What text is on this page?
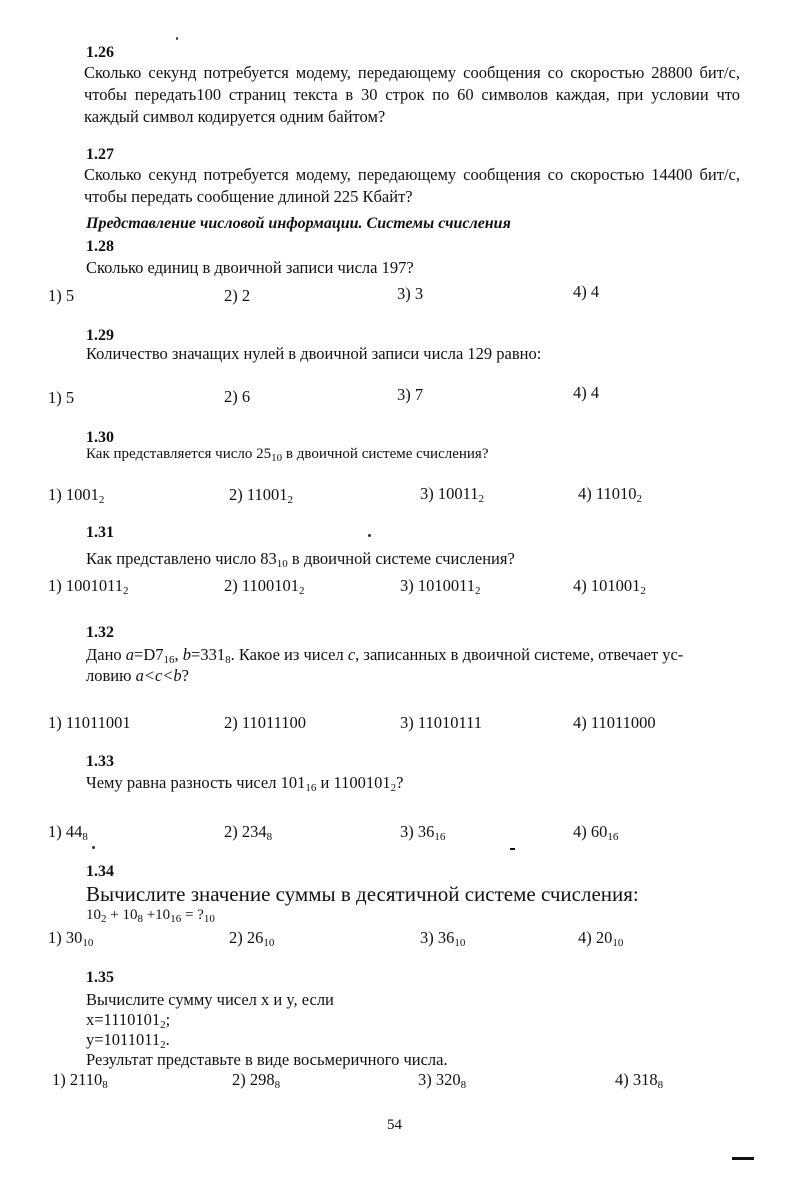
1.26
Сколько секунд потребуется модему, передающему сообщения со скоростью 28800 бит/с, чтобы передать100 страниц текста в 30 строк по 60 символов каждая, при условии что каждый символ кодируется одним байтом?
1.27
Сколько секунд потребуется модему, передающему сообщения со скоростью 14400 бит/с, чтобы передать сообщение длиной 225 Кбайт?
Представление числовой информации. Системы счисления
1.28
Сколько единиц в двоичной записи числа 197?
1) 5	2) 2	3) 3	4) 4
1.29
Количество значащих нулей в двоичной записи числа 129 равно:
1) 5	2) 6	3) 7	4) 4
1.30
Как представляется число $25_{10}$ в двоичной системе счисления?
1) $1001_2$	2) $11001_2$	3) $10011_2$	4) $11010_2$
1.31
Как представлено число $83_{10}$ в двоичной системе счисления?
1) $1001011_2$	2) $1100101_2$	3) $1010011_2$	4) $101001_2$
1.32
Дано $a=D7_{16}$, $b=331_8$. Какое из чисел c, записанных в двоичной системе, отвечает ус-
ловию a<c<b?
1) 11011001	2) 11011100	3) 11010111	4) 11011000
1.33
Чему равна разность чисел $101_{16}$ и $1100101_2$?
1) $44_8$	2) $234_8$	3) $36_{16}$	4) $60_{16}$
1.34
Вычислите значение суммы в десятичной системе счисления:
$10_2 + 10_8 +10_{16}$ = $?_{10}$
1) $30_{10}$	2) $26_{10}$	3) $36_{10}$	4) $20_{10}$
1.35
Вычислите сумму чисел x и y, если
$x=1110101_2$;
$y=1011011_2$.
Результат представьте в виде восьмеричного числа.
1) $2110_8$	2) $298_8$	3) $320_8$	4) $318_8$
54
